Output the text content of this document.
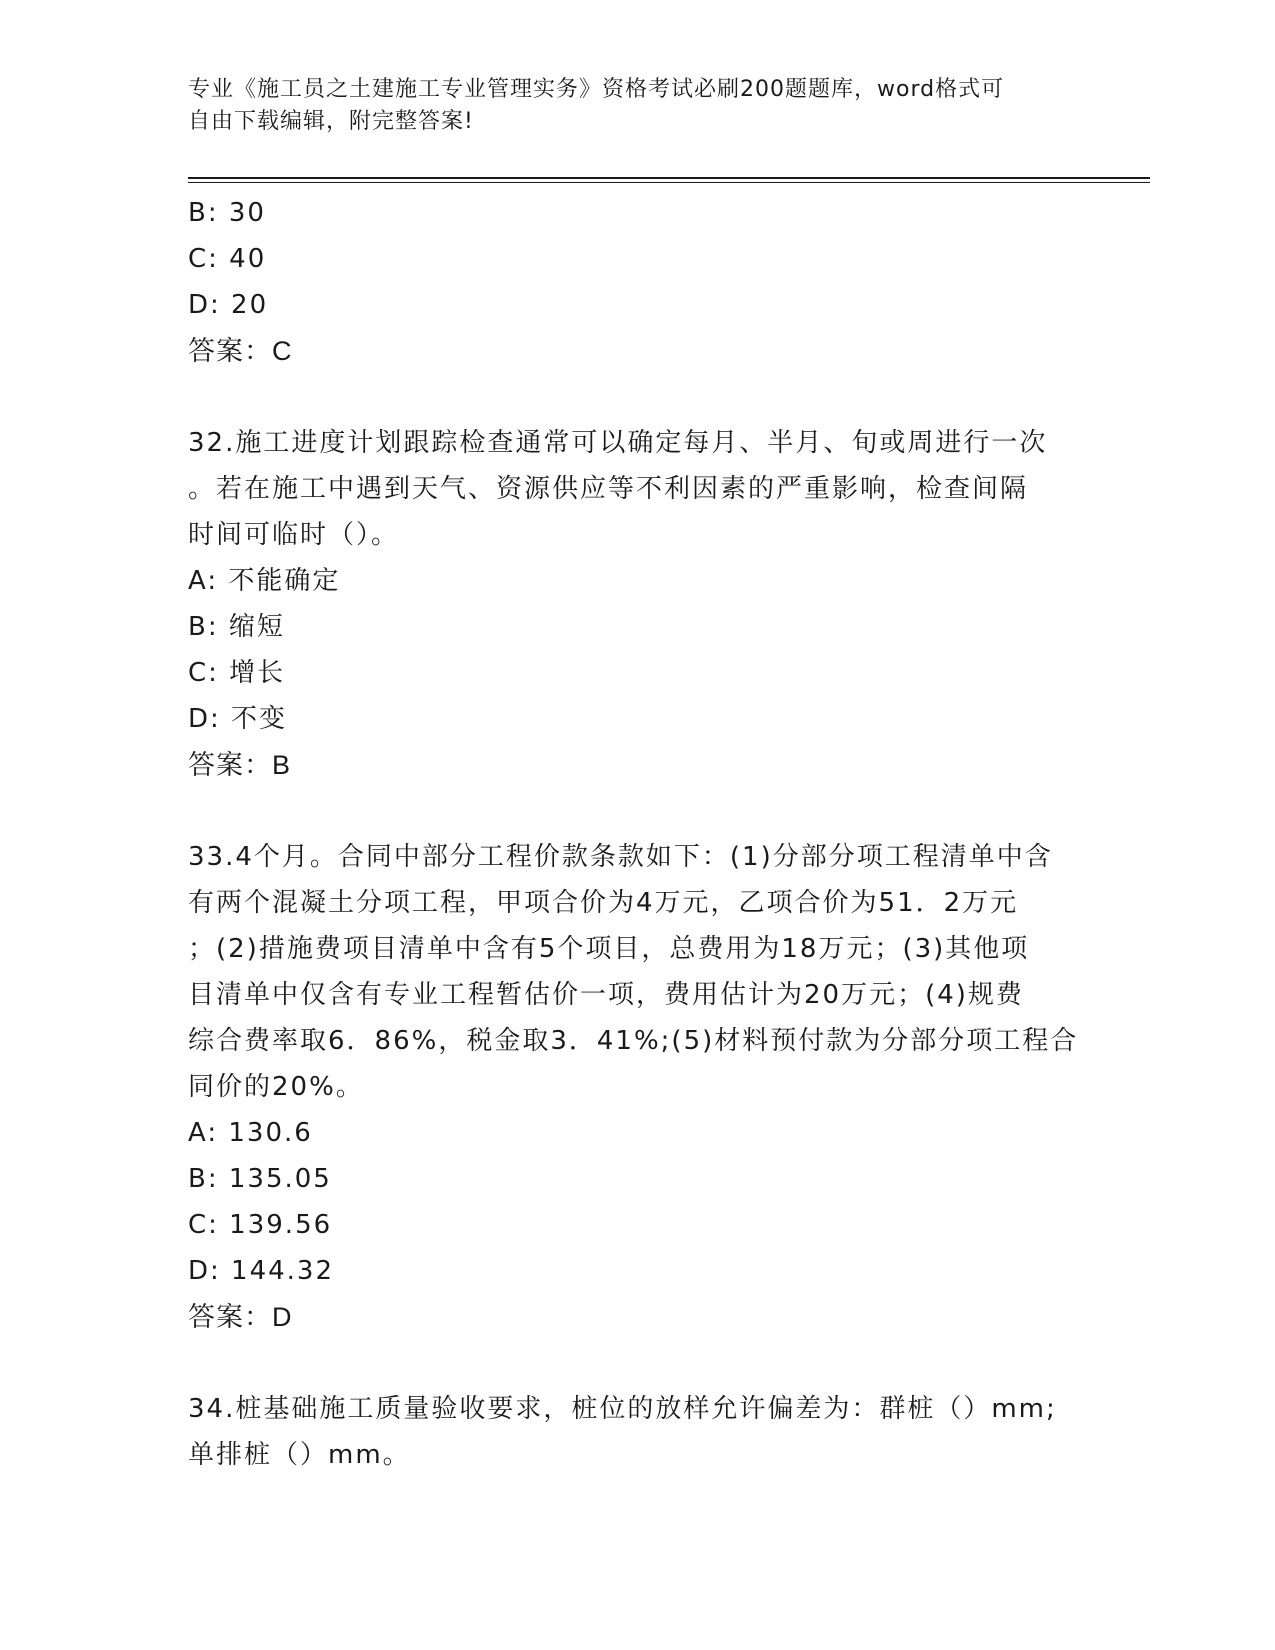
专业《施工员之土建施工专业管理实务》资格考试必刷200题题库，word格式可
自由下载编辑，附完整答案!
B: 30
C: 40
D: 20
答案：C
32.施工进度计划跟踪检查通常可以确定每月、半月、旬或周进行一次
。若在施工中遇到天气、资源供应等不利因素的严重影响，检查间隔
时间可临时（）。
A: 不能确定
B: 缩短
C: 增长
D: 不变
答案：B
33.4个月。合同中部分工程价款条款如下：(1)分部分项工程清单中含
有两个混凝土分项工程，甲项合价为4万元，乙项合价为51．2万元
；(2)措施费项目清单中含有5个项目，总费用为18万元；(3)其他项
目清单中仅含有专业工程暂估价一项，费用估计为20万元；(4)规费
综合费率取6．86%，税金取3．41%;(5)材料预付款为分部分项工程合
同价的20%。
A: 130.6
B: 135.05
C: 139.56
D: 144.32
答案：D
34.桩基础施工质量验收要求，桩位的放样允许偏差为：群桩（）mm;
单排桩（）mm。
